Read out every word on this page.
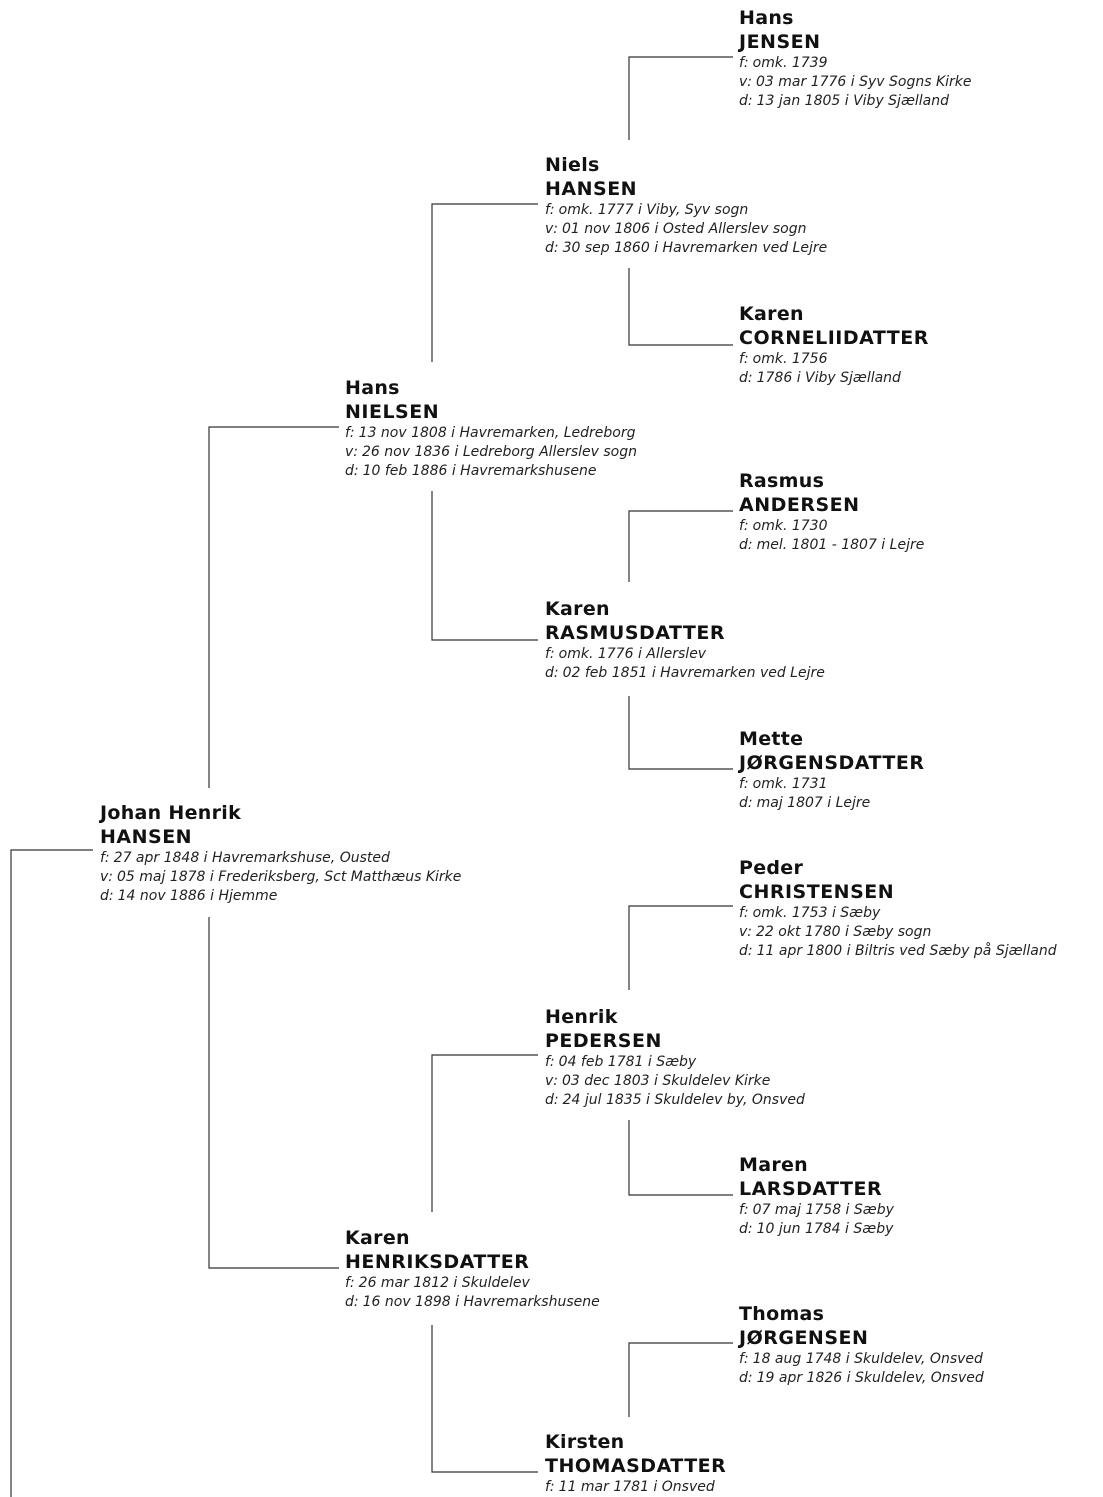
Hans
JENSEN
f: omk. 1739
v: 03 mar 1776 i Syv Sogns Kirke
d: 13 jan 1805 i Viby Sjælland
Niels
HANSEN
f: omk. 1777 i Viby, Syv sogn
v: 01 nov 1806 i Osted Allerslev sogn
d: 30 sep 1860 i Havremarken ved Lejre
Karen
CORNELIIDATTER
f: omk. 1756
d: 1786 i Viby Sjælland
Hans
NIELSEN
f: 13 nov 1808 i Havremarken, Ledreborg
v: 26 nov 1836 i Ledreborg Allerslev sogn
d: 10 feb 1886 i Havremarkshusene	Rasmus
ANDERSEN
f: omk. 1730
d: mel. 1801 - 1807 i Lejre
Karen
RASMUSDATTER
f: omk. 1776 i Allerslev
d: 02 feb 1851 i Havremarken ved Lejre
Mette
JØRGENSDATTER
f: omk. 1731
d: maj 1807 i Lejre
Johan Henrik
HANSEN
f: 27 apr 1848 i Havremarkshuse, Ousted
v: 05 maj 1878 i Frederiksberg, Sct Matthæus Kirke
d: 14 nov 1886 i Hjemme
Peder
CHRISTENSEN
f: omk. 1753 i Sæby
v: 22 okt 1780 i Sæby sogn
d: 11 apr 1800 i Biltris ved Sæby på Sjælland
Henrik
PEDERSEN
f: 04 feb 1781 i Sæby
v: 03 dec 1803 i Skuldelev Kirke
d: 24 jul 1835 i Skuldelev by, Onsved
Maren
LARSDATTER
f: 07 maj 1758 i Sæby
d: 10 jun 1784 i Sæby
Karen
HENRIKSDATTER
f: 26 mar 1812 i Skuldelev
d: 16 nov 1898 i Havremarkshusene
Thomas
JØRGENSEN
f: 18 aug 1748 i Skuldelev, Onsved
d: 19 apr 1826 i Skuldelev, Onsved
Kirsten
THOMASDATTER
f: 11 mar 1781 i Onsved
